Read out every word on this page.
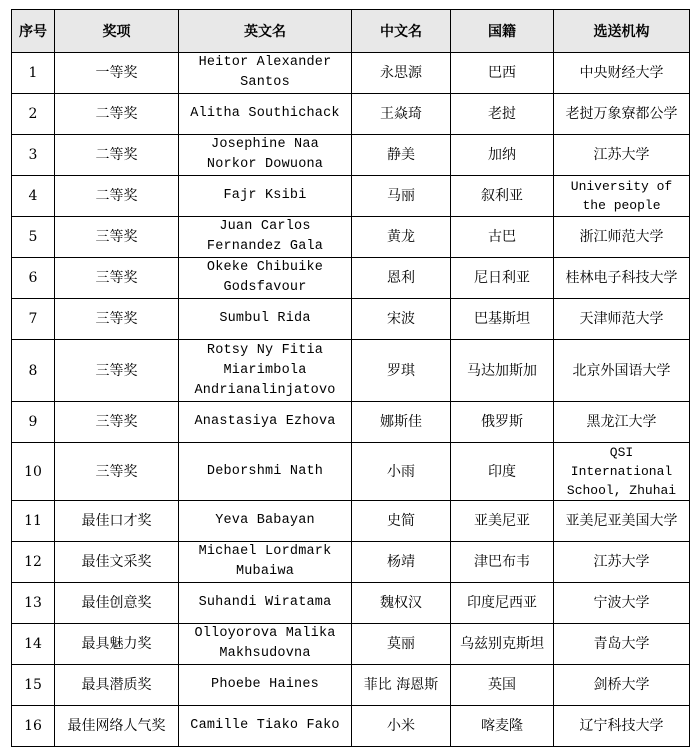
序号	奖项	英文名	中文名	国籍	选送机构
1	一等奖	Heitor Alexander Santos	永思源	巴西	中央财经大学
2	二等奖	Alitha Southichack	王焱琦	老挝	老挝万象寮都公学
3	二等奖	Josephine Naa Norkor Dowuona	静美	加纳	江苏大学
4	二等奖	Fajr Ksibi	马丽	叙利亚	University of the people
5	三等奖	Juan Carlos Fernandez Gala	黄龙	古巴	浙江师范大学
6	三等奖	Okeke Chibuike Godsfavour	恩利	尼日利亚	桂林电子科技大学
7	三等奖	Sumbul Rida	宋波	巴基斯坦	天津师范大学
8	三等奖	Rotsy Ny Fitia Miarimbola Andrianalinjatovo	罗琪	马达加斯加	北京外国语大学
9	三等奖	Anastasiya Ezhova	娜斯佳	俄罗斯	黑龙江大学
10	三等奖	Deborshmi Nath	小雨	印度	QSI International School, Zhuhai
11	最佳口才奖	Yeva Babayan	史简	亚美尼亚	亚美尼亚美国大学
12	最佳文采奖	Michael Lordmark Mubaiwa	杨靖	津巴布韦	江苏大学
13	最佳创意奖	Suhandi Wiratama	魏权汉	印度尼西亚	宁波大学
14	最具魅力奖	Olloyorova Malika Makhsudovna	莫丽	乌兹别克斯坦	青岛大学
15	最具潜质奖	Phoebe Haines	菲比 海恩斯	英国	剑桥大学
16	最佳网络人气奖	Camille Tiako Fako	小米	喀麦隆	辽宁科技大学
